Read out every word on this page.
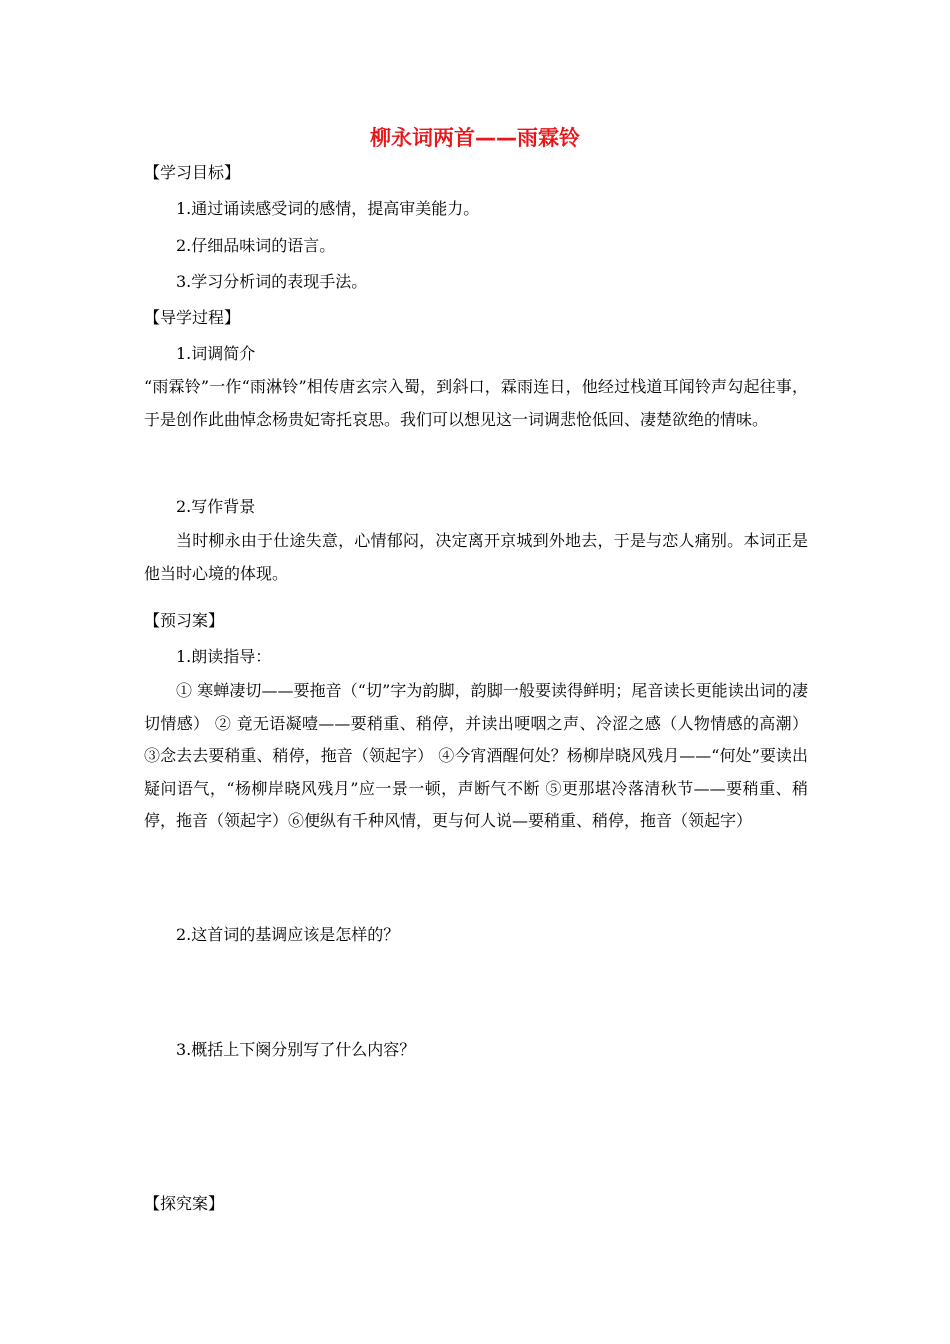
柳永词两首——雨霖铃
【学习目标】
1.通过诵读感受词的感情，提高审美能力。
2.仔细品味词的语言。
3.学习分析词的表现手法。
【导学过程】
1.词调简介
“雨霖铃”一作“雨淋铃”相传唐玄宗入蜀，到斜口，霖雨连日，他经过栈道耳闻铃声勾起往事，于是创作此曲悼念杨贵妃寄托哀思。我们可以想见这一词调悲怆低回、凄楚欲绝的情味。
2.写作背景
当时柳永由于仕途失意，心情郁闷，决定离开京城到外地去，于是与恋人痛别。本词正是他当时心境的体现。
【预习案】
1.朗读指导：
① 寒蝉凄切——要拖音（“切”字为韵脚，韵脚一般要读得鲜明；尾音读长更能读出词的凄切情感） ② 竟无语凝噎——要稍重、稍停，并读出哽咽之声、冷涩之感（人物情感的高潮） ③念去去要稍重、稍停，拖音（领起字） ④今宵酒醒何处？杨柳岸晓风残月——“何处”要读出疑问语气，“杨柳岸晓风残月”应一景一顿，声断气不断 ⑤更那堪冷落清秋节——要稍重、稍停，拖音（领起字）⑥便纵有千种风情，更与何人说—要稍重、稍停，拖音（领起字）
2.这首词的基调应该是怎样的？
3.概括上下阕分别写了什么内容？
【探究案】
